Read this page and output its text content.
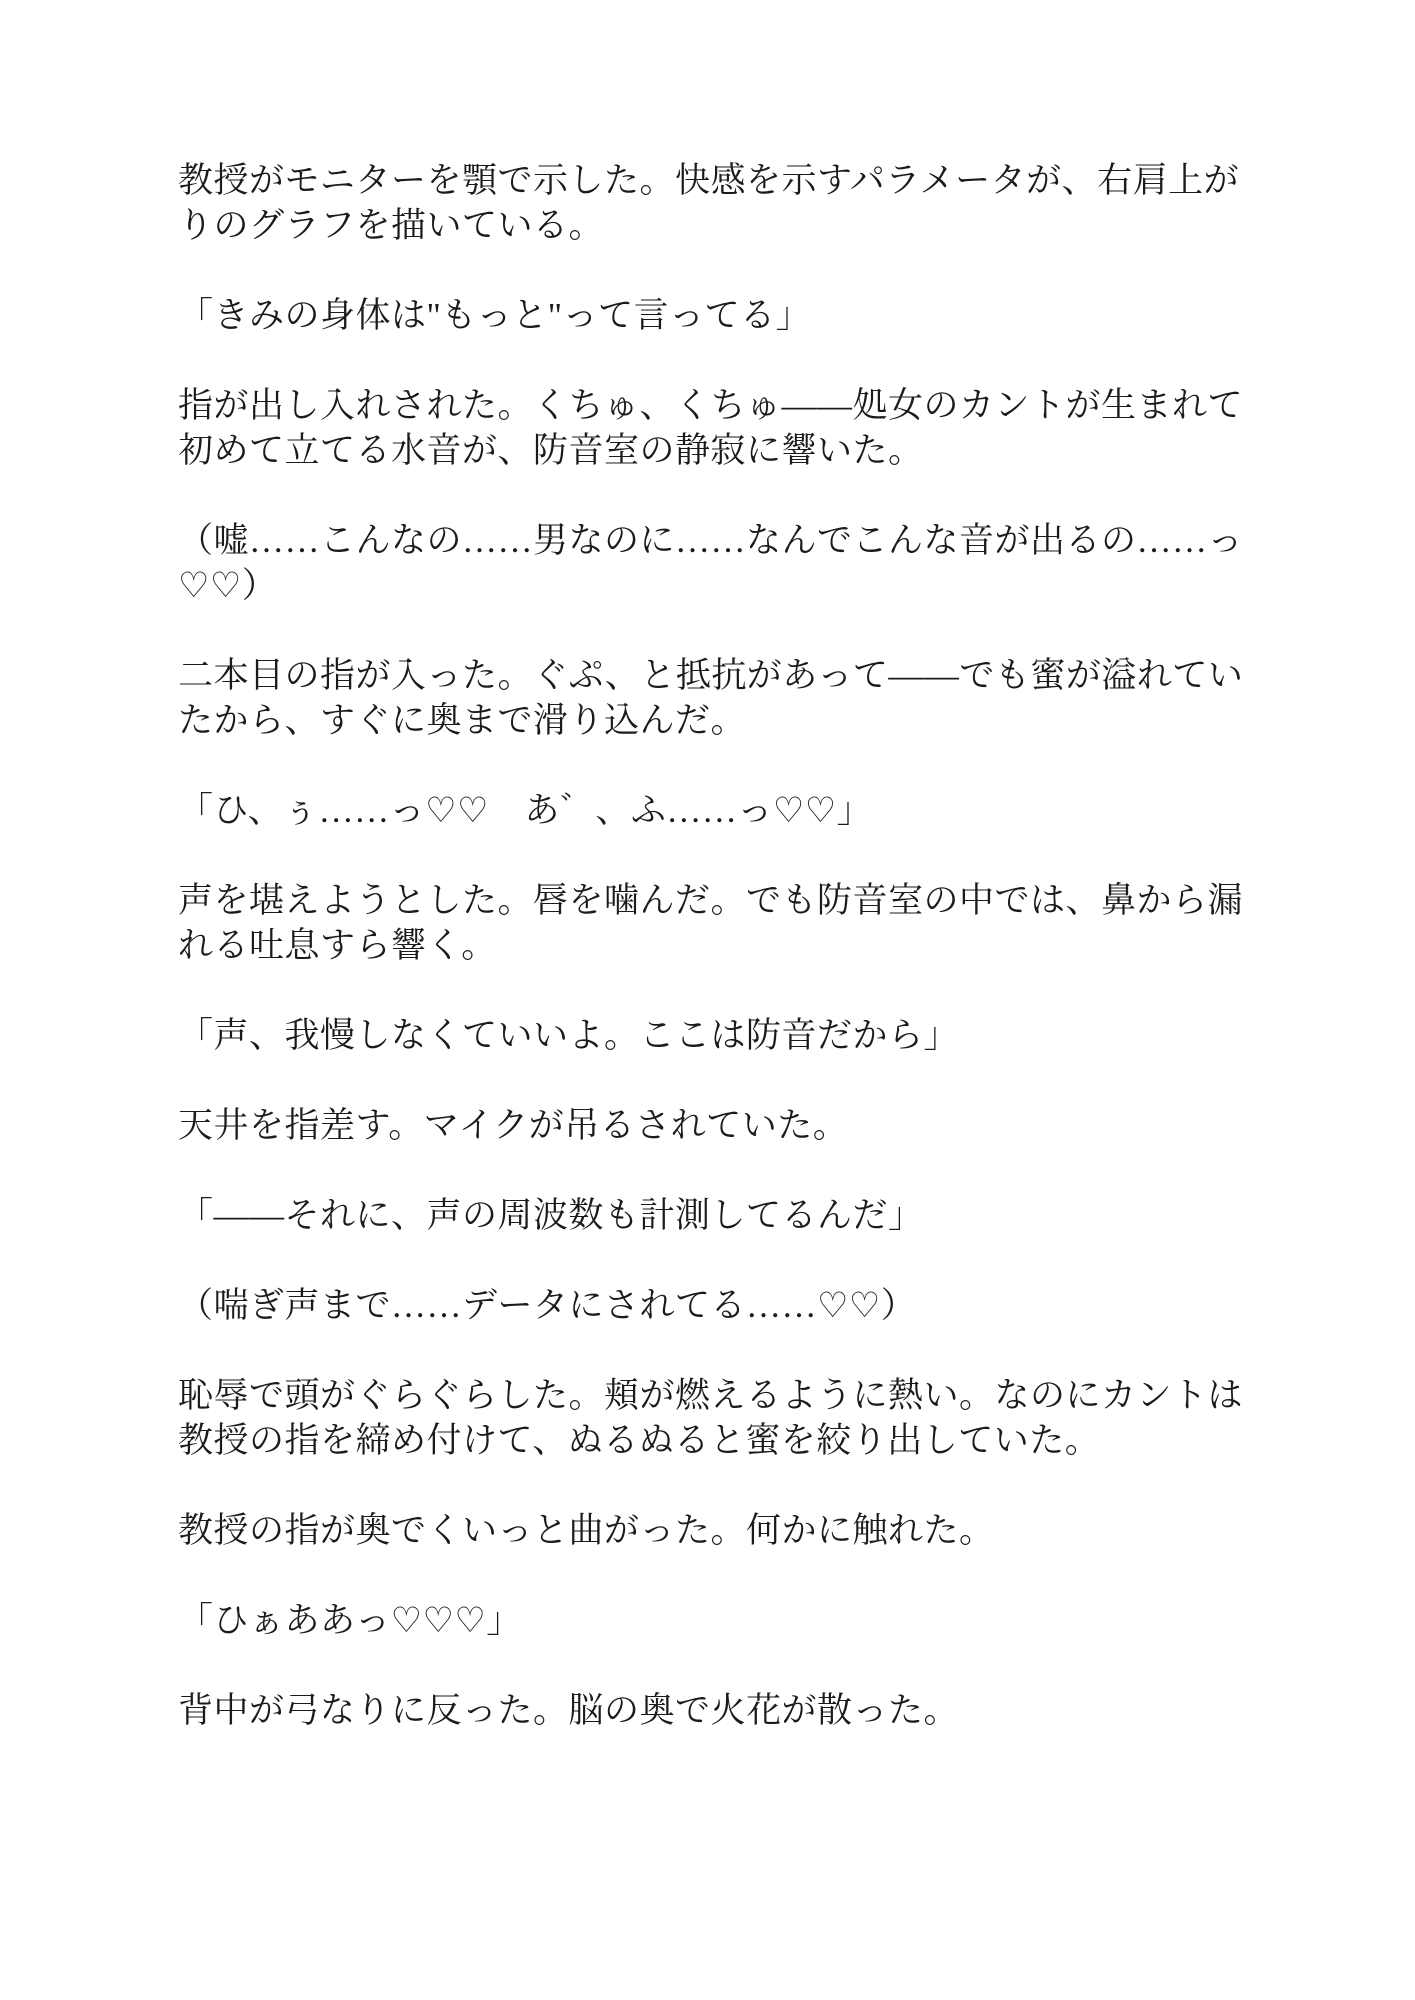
教授がモニターを顎で示した。快感を示すパラメータが、右肩上がりのグラフを描いている。

「きみの身体は"もっと"って言ってる」

指が出し入れされた。くちゅ、くちゅ——処女のカントが生まれて初めて立てる水音が、防音室の静寂に響いた。

（嘘……こんなの……男なのに……なんでこんな音が出るの……っ♡♡）

二本目の指が入った。ぐぷ、と抵抗があって——でも蜜が溢れていたから、すぐに奥まで滑り込んだ。

「ひ、ぅ……っ♡♡　あ゛、ふ……っ♡♡」

声を堪えようとした。唇を噛んだ。でも防音室の中では、鼻から漏れる吐息すら響く。

「声、我慢しなくていいよ。ここは防音だから」

天井を指差す。マイクが吊るされていた。

「——それに、声の周波数も計測してるんだ」

（喘ぎ声まで……データにされてる……♡♡）

恥辱で頭がぐらぐらした。頬が燃えるように熱い。なのにカントは教授の指を締め付けて、ぬるぬると蜜を絞り出していた。

教授の指が奥でくいっと曲がった。何かに触れた。

「ひぁああっ♡♡♡」

背中が弓なりに反った。脳の奥で火花が散った。
